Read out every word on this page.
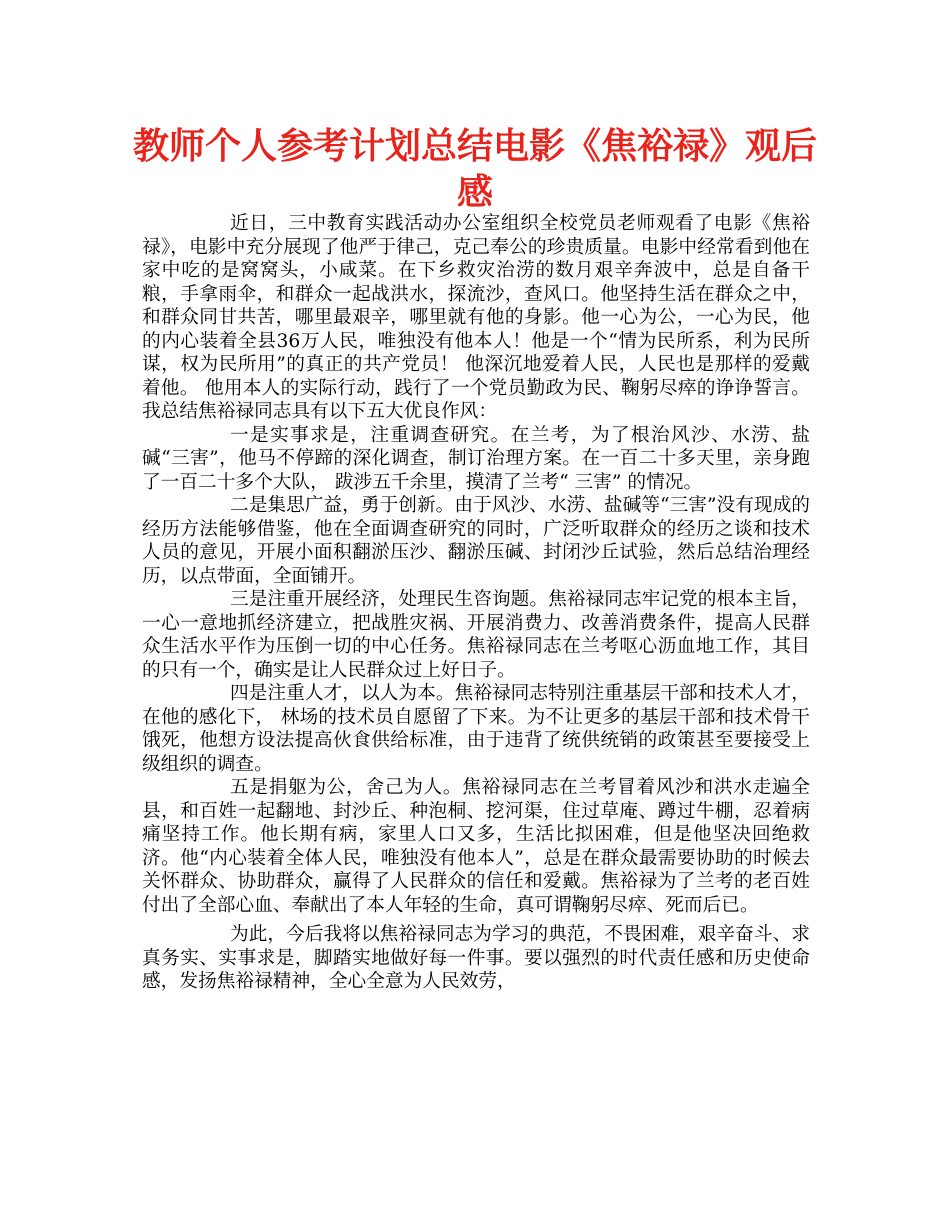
教师个人参考计划总结电影《焦裕禄》观后感

近日，三中教育实践活动办公室组织全校党员老师观看了电影《焦裕禄》，电影中充分展现了他严于律己，克己奉公的珍贵质量。电影中经常看到他在家中吃的是窝窝头，小咸菜。在下乡救灾治涝的数月艰辛奔波中，总是自备干粮，手拿雨伞，和群众一起战洪水，探流沙，查风口。他坚持生活在群众之中，和群众同甘共苦，哪里最艰辛，哪里就有他的身影。他一心为公，一心为民，他的内心装着全县36万人民，唯独没有他本人！他是一个“情为民所系，利为民所谋，权为民所用”的真正的共产党员！ 他深沉地爱着人民，人民也是那样的爱戴着他。 他用本人的实际行动，践行了一个党员勤政为民、鞠躬尽瘁的诤诤誓言。我总结焦裕禄同志具有以下五大优良作风：

一是实事求是，注重调查研究。在兰考，为了根治风沙、水涝、盐碱“三害”，他马不停蹄的深化调查，制订治理方案。在一百二十多天里，亲身跑了一百二十多个大队， 跋涉五千余里，摸清了兰考“ 三害” 的情况。

二是集思广益，勇于创新。由于风沙、水涝、盐碱等“三害”没有现成的经历方法能够借鉴，他在全面调查研究的同时，广泛听取群众的经历之谈和技术人员的意见，开展小面积翻淤压沙、翻淤压碱、封闭沙丘试验，然后总结治理经历，以点带面，全面铺开。

三是注重开展经济，处理民生咨询题。焦裕禄同志牢记党的根本主旨，一心一意地抓经济建立，把战胜灾祸、开展消费力、改善消费条件，提高人民群众生活水平作为压倒一切的中心任务。焦裕禄同志在兰考呕心沥血地工作，其目的只有一个，确实是让人民群众过上好日子。

四是注重人才，以人为本。焦裕禄同志特别注重基层干部和技术人才，在他的感化下， 林场的技术员自愿留了下来。为不让更多的基层干部和技术骨干饿死，他想方设法提高伙食供给标准，由于违背了统供统销的政策甚至要接受上级组织的调查。

五是捐躯为公，舍己为人。焦裕禄同志在兰考冒着风沙和洪水走遍全县，和百姓一起翻地、封沙丘、种泡桐、挖河渠，住过草庵、蹲过牛棚，忍着病痛坚持工作。他长期有病，家里人口又多，生活比拟困难，但是他坚决回绝救济。他“内心装着全体人民，唯独没有他本人”，总是在群众最需要协助的时候去关怀群众、协助群众，赢得了人民群众的信任和爱戴。焦裕禄为了兰考的老百姓付出了全部心血、奉献出了本人年轻的生命，真可谓鞠躬尽瘁、死而后已。

为此，今后我将以焦裕禄同志为学习的典范，不畏困难，艰辛奋斗、求真务实、实事求是，脚踏实地做好每一件事。要以强烈的时代责任感和历史使命感，发扬焦裕禄精神，全心全意为人民效劳，
